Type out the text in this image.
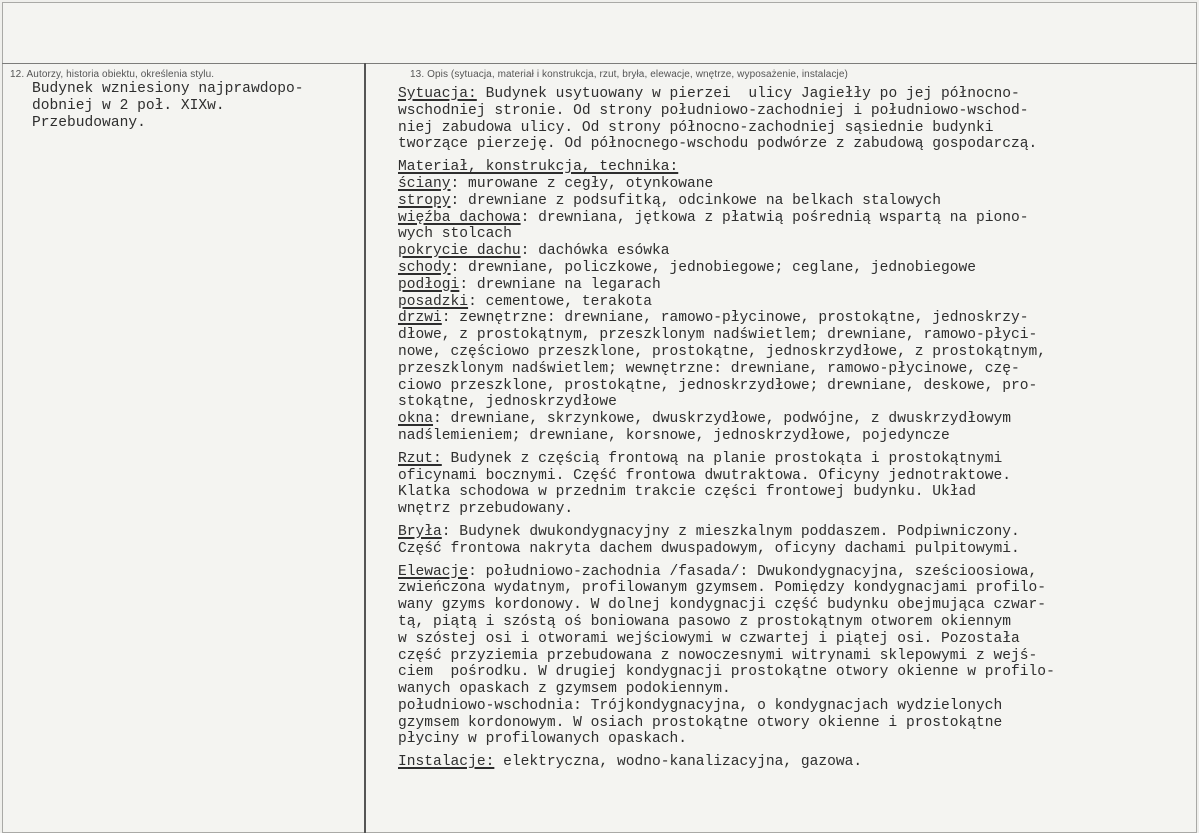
12. Autorzy, historia obiektu, określenia stylu.	13. Opis (sytuacja, materiał i konstrukcja, rzut, bryła, elewacje, wnętrze, wyposażenie, instalacje)
Budynek wzniesiony najprawdopo-
dobniej w 2 poł. XIXw.
Przebudowany.
Sytuacja: Budynek usytuowany w pierzei  ulicy Jagiełły po jej północno-
wschodniej stronie. Od strony południowo-zachodniej i południowo-wschod-
niej zabudowa ulicy. Od strony północno-zachodniej sąsiednie budynki
tworzące pierzeję. Od północnego-wschodu podwórze z zabudową gospodarczą.
Materiał, konstrukcja, technika:
ściany: murowane z cegły, otynkowane
stropy: drewniane z podsufitką, odcinkowe na belkach stalowych
więźba dachowa: drewniana, jętkowa z płatwią pośrednią wspartą na piono-
wych stolcach
pokrycie dachu: dachówka esówka
schody: drewniane, policzkowe, jednobiegowe; ceglane, jednobiegowe
podłogi: drewniane na legarach
posadzki: cementowe, terakota
drzwi: zewnętrzne: drewniane, ramowo-płycinowe, prostokątne, jednoskrzy-
dłowe, z prostokątnym, przeszklonym nadświetlem; drewniane, ramowo-płyci-
nowe, częściowo przeszklone, prostokątne, jednoskrzydłowe, z prostokątnym,
przeszklonym nadświetlem; wewnętrzne: drewniane, ramowo-płycinowe, czę-
ciowo przeszklone, prostokątne, jednoskrzydłowe; drewniane, deskowe, pro-
stokątne, jednoskrzydłowe
okna: drewniane, skrzynkowe, dwuskrzydłowe, podwójne, z dwuskrzydłowym
nadślemieniem; drewniane, korsnowe, jednoskrzydłowe, pojedyncze
Rzut: Budynek z częścią frontową na planie prostokąta i prostokątnymi
oficynami bocznymi. Część frontowa dwutraktowa. Oficyny jednotraktowe.
Klatka schodowa w przednim trakcie części frontowej budynku. Układ
wnętrz przebudowany.
Bryła: Budynek dwukondygnacyjny z mieszkalnym poddaszem. Podpiwniczony.
Część frontowa nakryta dachem dwuspadowym, oficyny dachami pulpitowymi.
Elewacje: południowo-zachodnia /fasada/: Dwukondygnacyjna, sześcioosiowa,
zwieńczona wydatnym, profilowanym gzymsem. Pomiędzy kondygnacjami profilo-
wany gzyms kordonowy. W dolnej kondygnacji część budynku obejmująca czwar-
tą, piątą i szóstą oś boniowana pasowo z prostokątnym otworem okiennym
w szóstej osi i otworami wejściowymi w czwartej i piątej osi. Pozostała
część przyziemia przebudowana z nowoczesnymi witrynami sklepowymi z wejś-
ciem  pośrodku. W drugiej kondygnacji prostokątne otwory okienne w profilo-
wanych opaskach z gzymsem podokiennym.
południowo-wschodnia: Trójkondygnacyjna, o kondygnacjach wydzielonych
gzymsem kordonowym. W osiach prostokątne otwory okienne i prostokątne
płyciny w profilowanych opaskach.
Instalacje: elektryczna, wodno-kanalizacyjna, gazowa.
